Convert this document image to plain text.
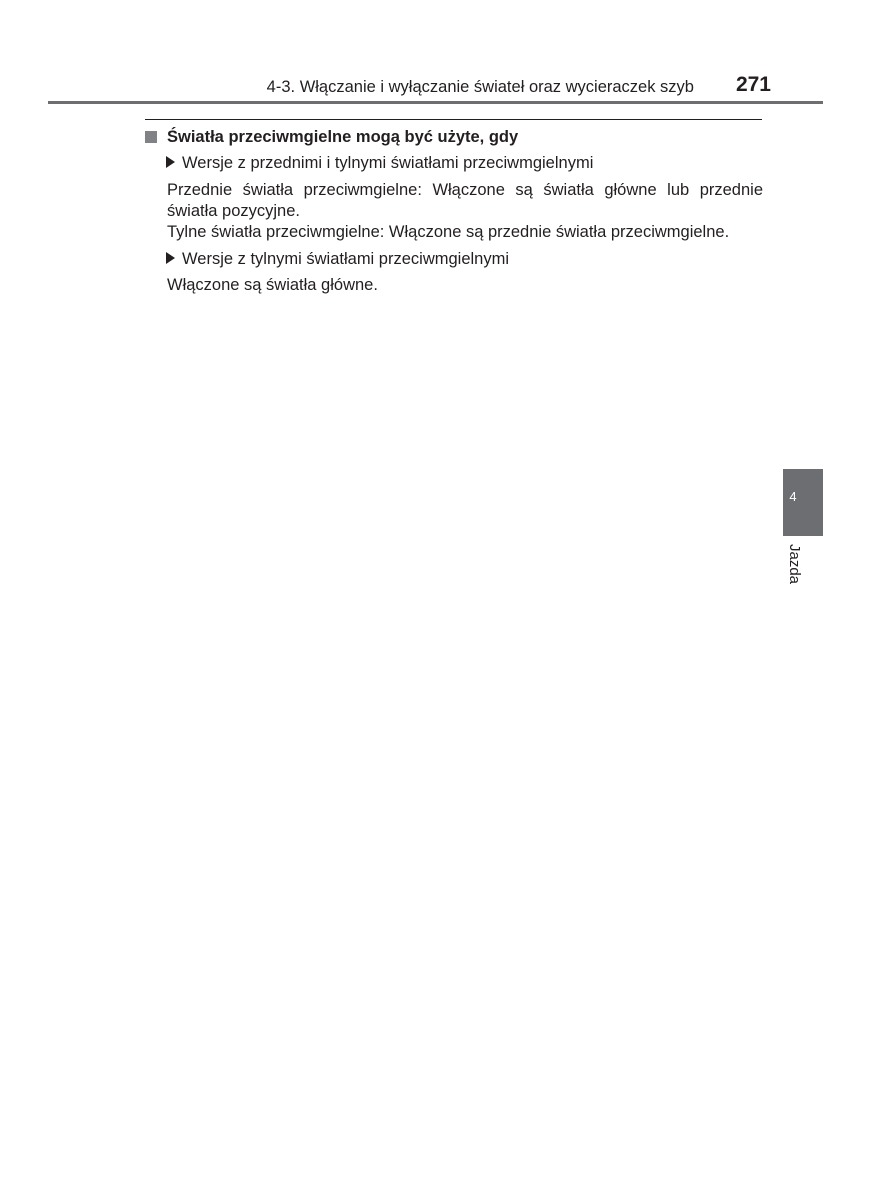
4-3. Włączanie i wyłączanie świateł oraz wycieraczek szyb 271
Światła przeciwmgielne mogą być użyte, gdy
Wersje z przednimi i tylnymi światłami przeciwmgielnymi
Przednie światła przeciwmgielne: Włączone są światła główne lub przednie światła pozycyjne.
Tylne światła przeciwmgielne: Włączone są przednie światła przeciwmgielne.
Wersje z tylnymi światłami przeciwmgielnymi
Włączone są światła główne.
4
Jazda
